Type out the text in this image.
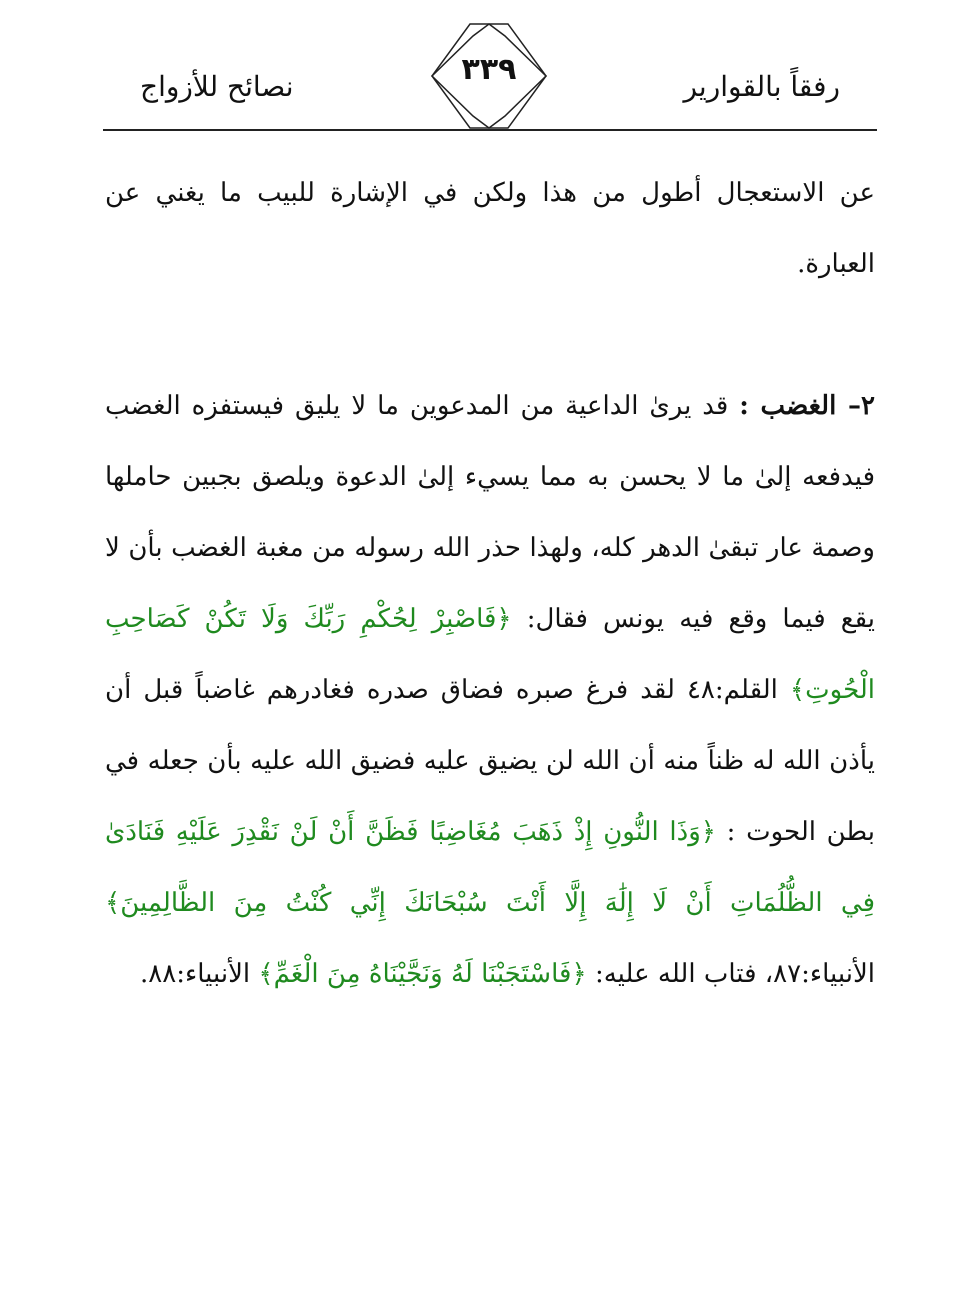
رفقاً بالقوارير
٣٣٩
نصائح للأزواج

عن الاستعجال أطول من هذا ولكن في الإشارة للبيب ما يغني عن العبارة.

٢– الغضب : قد يرىٰ الداعية من المدعوين ما لا يليق فيستفزه الغضب فيدفعه إلىٰ ما لا يحسن به مما يسيء إلىٰ الدعوة ويلصق بجبين حاملها وصمة عار تبقىٰ الدهر كله، ولهذا حذر الله رسوله من مغبة الغضب بأن لا يقع فيما وقع فيه يونس فقال: ﴿فَاصْبِرْ لِحُكْمِ رَبِّكَ وَلَا تَكُنْ كَصَاحِبِ الْحُوتِ﴾ القلم:٤٨ لقد فرغ صبره فضاق صدره فغادرهم غاضباً قبل أن يأذن الله له ظناً منه أن الله لن يضيق عليه فضيق الله عليه بأن جعله في بطن الحوت : ﴿وَذَا النُّونِ إِذْ ذَهَبَ مُغَاضِبًا فَظَنَّ أَنْ لَنْ نَقْدِرَ عَلَيْهِ فَنَادَىٰ فِي الظُّلُمَاتِ أَنْ لَا إِلَٰهَ إِلَّا أَنْتَ سُبْحَانَكَ إِنِّي كُنْتُ مِنَ الظَّالِمِينَ﴾ الأنبياء:٨٧، فتاب الله عليه: ﴿فَاسْتَجَبْنَا لَهُ وَنَجَّيْنَاهُ مِنَ الْغَمِّ﴾ الأنبياء:٨٨.
